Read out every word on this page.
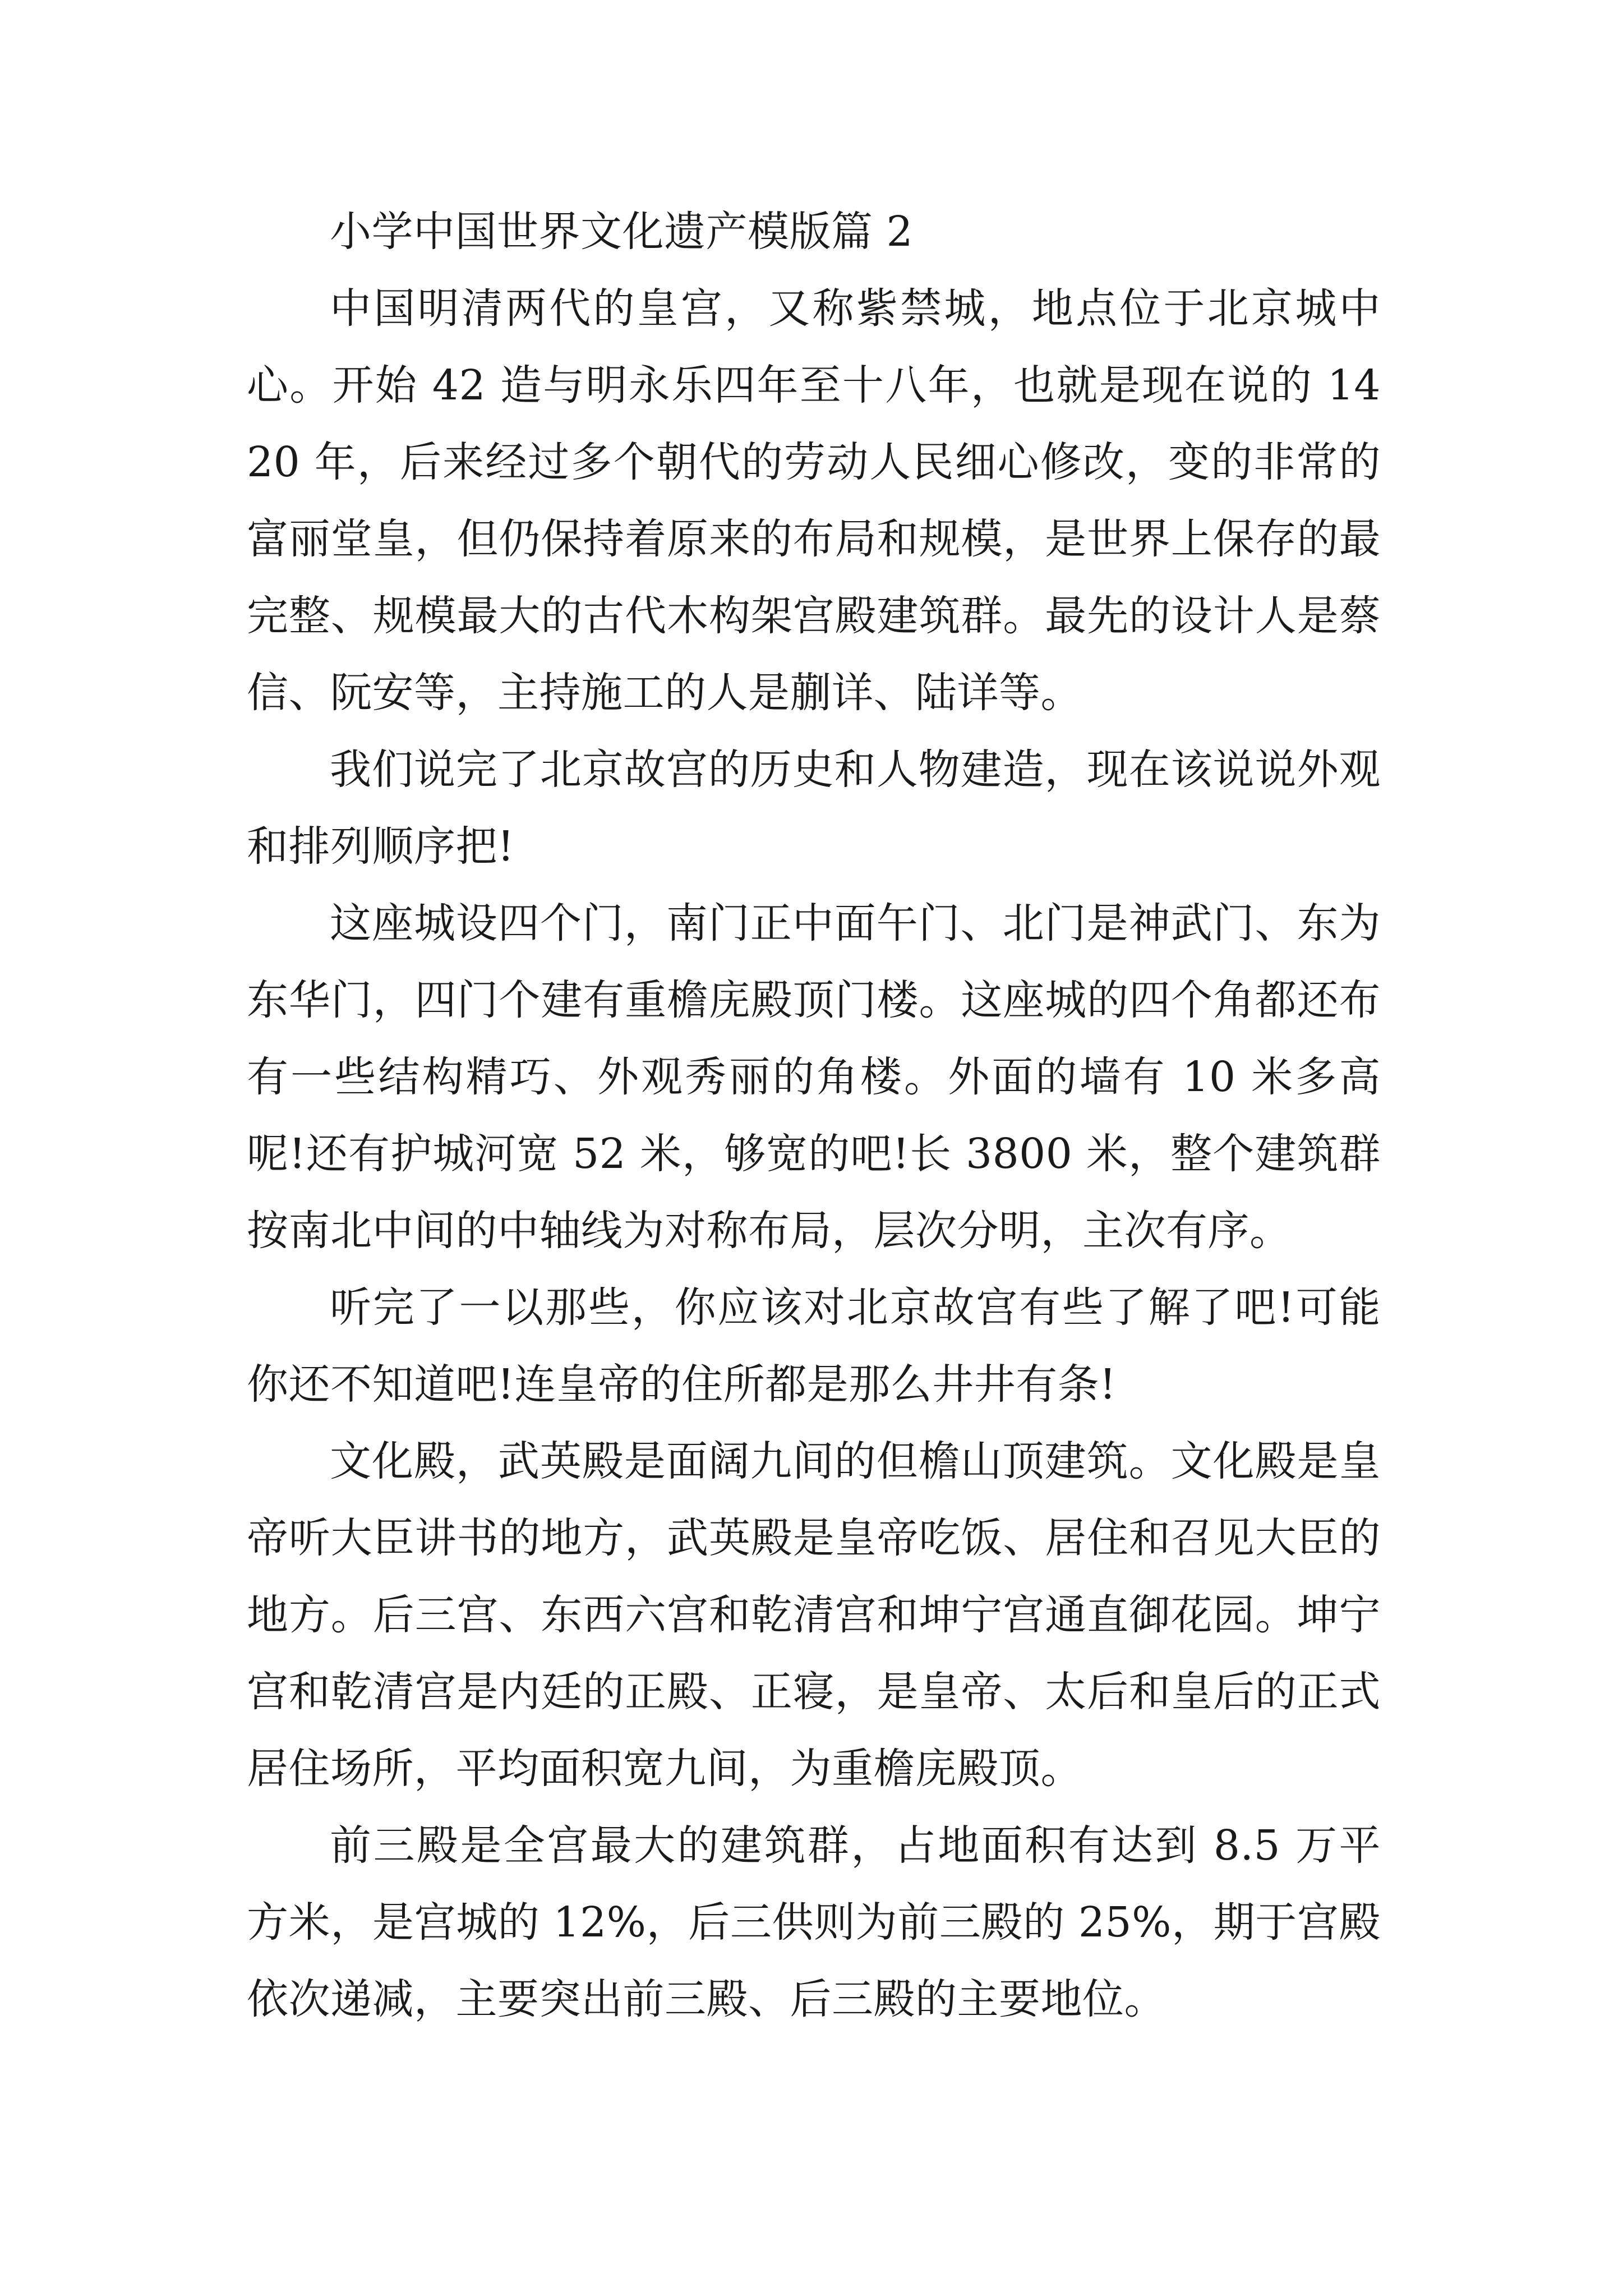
小学中国世界文化遗产模版篇 2

中国明清两代的皇宫，又称紫禁城，地点位于北京城中心。开始 42 造与明永乐四年至十八年，也就是现在说的 1420 年，后来经过多个朝代的劳动人民细心修改，变的非常的富丽堂皇，但仍保持着原来的布局和规模，是世界上保存的最完整、规模最大的古代木构架宫殿建筑群。最先的设计人是蔡信、阮安等，主持施工的人是蒯详、陆详等。

我们说完了北京故宫的历史和人物建造，现在该说说外观和排列顺序把!

这座城设四个门，南门正中面午门、北门是神武门、东为东华门，四门个建有重檐庑殿顶门楼。这座城的四个角都还布有一些结构精巧、外观秀丽的角楼。外面的墙有 10 米多高呢!还有护城河宽 52 米，够宽的吧!长 3800 米，整个建筑群按南北中间的中轴线为对称布局，层次分明，主次有序。

听完了一以那些，你应该对北京故宫有些了解了吧!可能你还不知道吧!连皇帝的住所都是那么井井有条!

文化殿，武英殿是面阔九间的但檐山顶建筑。文化殿是皇帝听大臣讲书的地方，武英殿是皇帝吃饭、居住和召见大臣的地方。后三宫、东西六宫和乾清宫和坤宁宫通直御花园。坤宁宫和乾清宫是内廷的正殿、正寝，是皇帝、太后和皇后的正式居住场所，平均面积宽九间，为重檐庑殿顶。

前三殿是全宫最大的建筑群，占地面积有达到 8.5 万平方米，是宫城的 12%，后三供则为前三殿的 25%，期于宫殿依次递减，主要突出前三殿、后三殿的主要地位。
